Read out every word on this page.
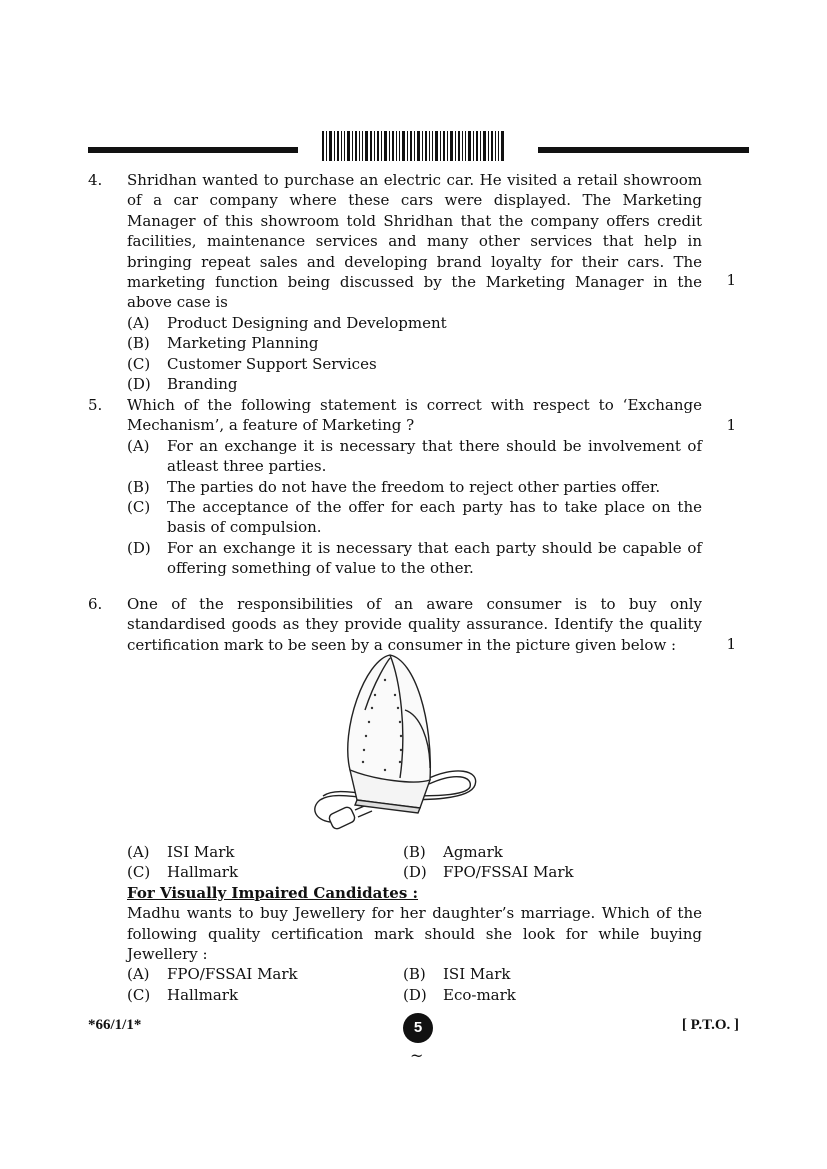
4.	Shridhan wanted to purchase an electric car. He visited a retail showroom of a car company where these cars were displayed. The Marketing Manager of this showroom told Shridhan that the company offers credit facilities, maintenance services and many other services that help in bringing repeat sales and developing brand loyalty for their cars. The marketing function being discussed by the Marketing Manager in the above case is
1
(A) Product Designing and Development
(B) Marketing Planning
(C) Customer Support Services
(D) Branding
5.	Which of the following statement is correct with respect to ‘Exchange Mechanism’, a feature of Marketing ?	1
(A) For an exchange it is necessary that there should be involvement of atleast three parties.
(B) The parties do not have the freedom to reject other parties offer.
(C) The acceptance of the offer for each party has to take place on the basis of compulsion.
(D) For an exchange it is necessary that each party should be capable of offering something of value to the other.
6.	One of the responsibilities of an aware consumer is to buy only standardised goods as they provide quality assurance. Identify the quality certification mark to be seen by a consumer in the picture given below :	1
(A) ISI Mark	(B) Agmark
(C) Hallmark	(D) FPO/FSSAI Mark
For Visually Impaired Candidates :
Madhu wants to buy Jewellery for her daughter’s marriage. Which of the following quality certification mark should she look for while buying Jewellery :
(A) FPO/FSSAI Mark	(B) ISI Mark
(C) Hallmark	(D) Eco-mark
*66/1/1*	5	[ P.T.O. ]
~
